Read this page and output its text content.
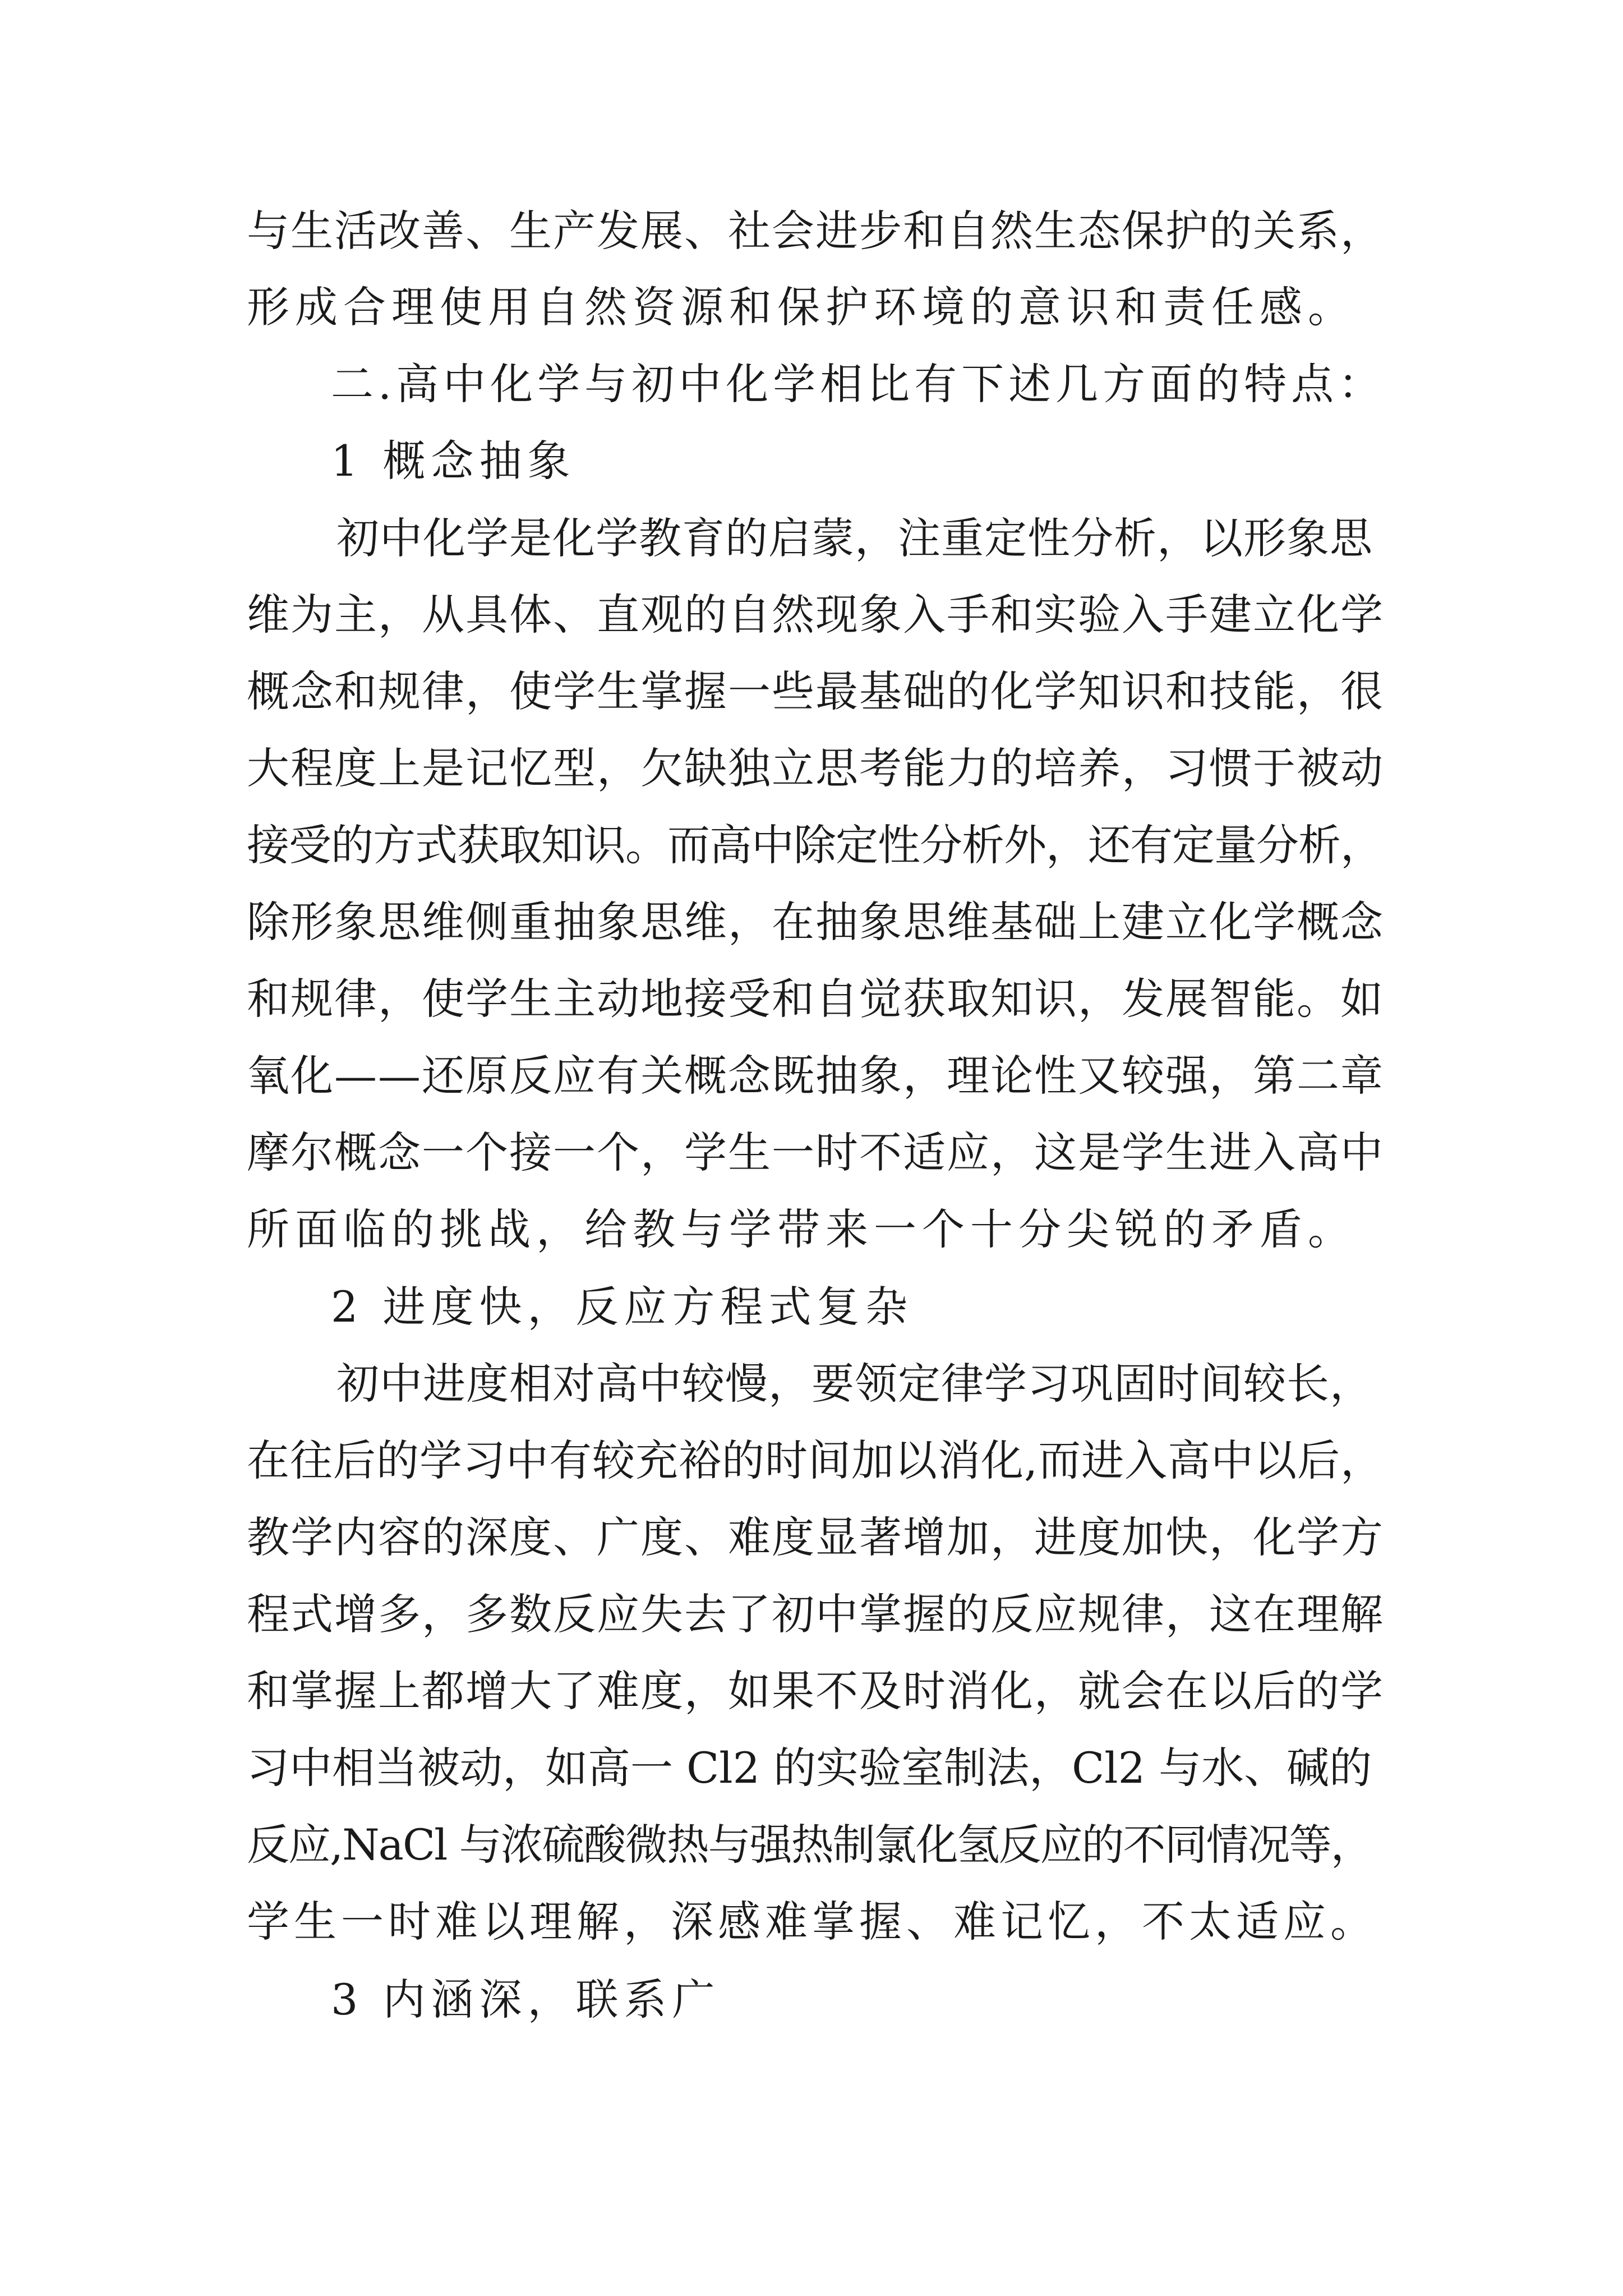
与生活改善、生产发展、社会进步和自然生态保护的关系，

形成合理使用自然资源和保护环境的意识和责任感。

二.高中化学与初中化学相比有下述几方面的特点：

1 概念抽象

初中化学是化学教育的启蒙，注重定性分析，以形象思

维为主，从具体、直观的自然现象入手和实验入手建立化学

概念和规律，使学生掌握一些最基础的化学知识和技能，很

大程度上是记忆型，欠缺独立思考能力的培养，习惯于被动

接受的方式获取知识。而高中除定性分析外，还有定量分析，

除形象思维侧重抽象思维，在抽象思维基础上建立化学概念

和规律，使学生主动地接受和自觉获取知识，发展智能。如

氧化——还原反应有关概念既抽象，理论性又较强，第二章

摩尔概念一个接一个，学生一时不适应，这是学生进入高中

所面临的挑战，给教与学带来一个十分尖锐的矛盾。

2 进度快，反应方程式复杂

初中进度相对高中较慢，要领定律学习巩固时间较长，

在往后的学习中有较充裕的时间加以消化,而进入高中以后，

教学内容的深度、广度、难度显著增加，进度加快，化学方

程式增多，多数反应失去了初中掌握的反应规律，这在理解

和掌握上都增大了难度，如果不及时消化，就会在以后的学

习中相当被动，如高一 Cl2 的实验室制法，Cl2 与水、碱的

反应,NaCl 与浓硫酸微热与强热制氯化氢反应的不同情况等，

学生一时难以理解，深感难掌握、难记忆，不太适应。

3 内涵深，联系广
